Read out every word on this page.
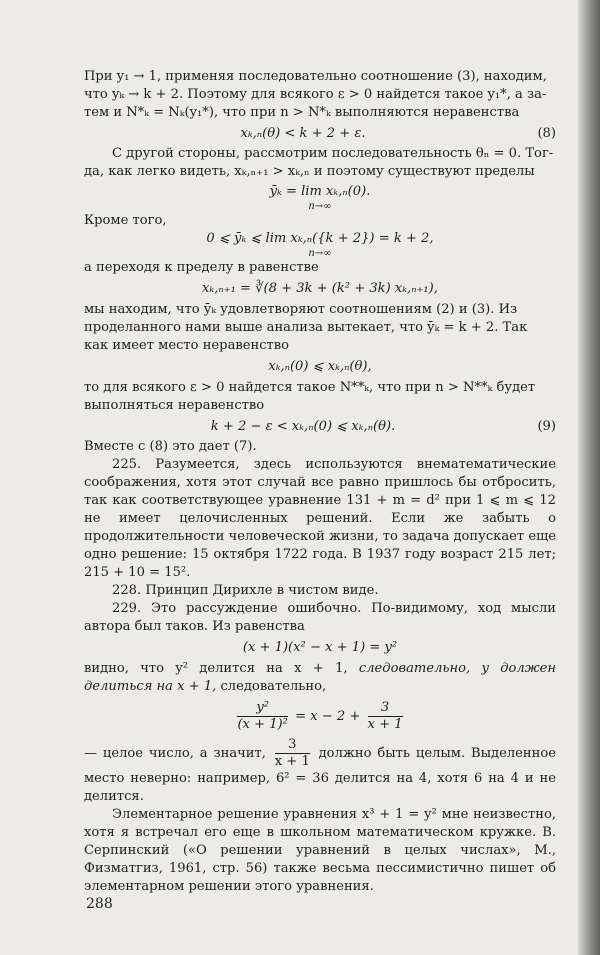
При y₁ → 1, применяя последовательно соотношение (3), находим,

что yₖ → k + 2. Поэтому для всякого ε > 0 найдется такое y₁*, а за-

тем и N*ₖ = Nₖ(y₁*), что при n > N*ₖ выполняются неравенства

xₖ,ₙ(θ) < k + 2 + ε.	(8)

С другой стороны, рассмотрим последовательность θₙ = 0. Тог-

да, как легко видеть, xₖ,ₙ₊₁ > xₖ,ₙ и поэтому существуют пределы

ȳₖ = lim xₖ,ₙ(0).
n→∞

Кроме того,

0 ⩽ ȳₖ ⩽ lim xₖ,ₙ({k + 2}) = k + 2,
n→∞

а переходя к пределу в равенстве

xₖ,ₙ₊₁ = ∛(8 + 3k + (k² + 3k) xₖ,ₙ₊₁),

мы находим, что ȳₖ удовлетворяют соотношениям (2) и (3). Из

проделанного нами выше анализа вытекает, что ȳₖ = k + 2. Так

как имеет место неравенство

xₖ,ₙ(0) ⩽ xₖ,ₙ(θ),

то для всякого ε > 0 найдется такое N**ₖ, что при n > N**ₖ будет

выполняться неравенство

k + 2 − ε < xₖ,ₙ(0) ⩽ xₖ,ₙ(θ).	(9)

Вместе с (8) это дает (7).

225. Разумеется, здесь используются внематематические соображения, хотя этот случай все равно пришлось бы отбросить, так как соответствующее уравнение 131 + m = d² при 1 ⩽ m ⩽ 12 не имеет целочисленных решений. Если же забыть о продолжительности человеческой жизни, то задача допускает еще одно решение: 15 октября 1722 года. В 1937 году возраст 215 лет; 215 + 10 = 15².

228. Принцип Дирихле в чистом виде.

229. Это рассуждение ошибочно. По-видимому, ход мысли автора был таков. Из равенства

(x + 1)(x² − x + 1) = y²

видно, что y² делится на x + 1, следовательно, y должен делиться на x + 1, следовательно,

$\frac{\text{y²}}{\text{(x + 1)²}} = x - 2 + \frac{3}{x + 1}$

— целое число, а значит, $\frac{3}{x + 1}$ должно быть целым. Выделенное место неверно: например, 6² = 36 делится на 4, хотя 6 на 4 и не делится.

Элементарное решение уравнения x³ + 1 = y² мне неизвестно, хотя я встречал его еще в школьном математическом кружке. В. Серпинский («О решении уравнений в целых числах», М., Физматгиз, 1961, стр. 56) также весьма пессимистично пишет об элементарном решении этого уравнения.

288
